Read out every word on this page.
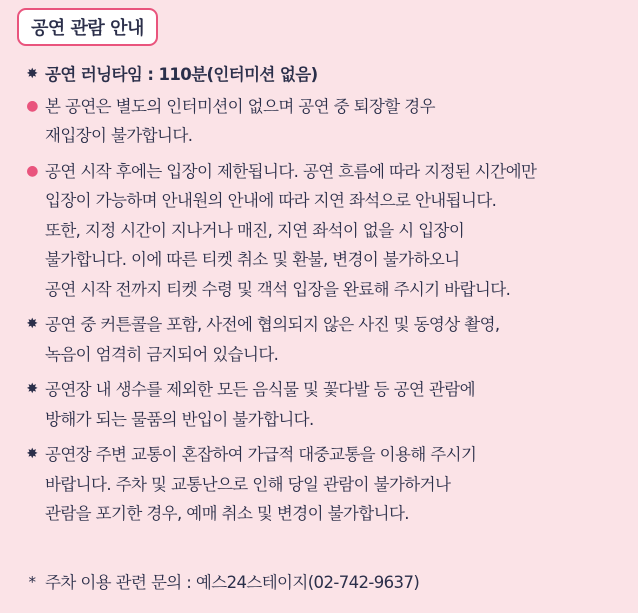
공연 관람 안내
✸ 공연 러닝타임 : 110분(인터미션 없음)
● 본 공연은 별도의 인터미션이 없으며 공연 중 퇴장할 경우
재입장이 불가합니다.
● 공연 시작 후에는 입장이 제한됩니다. 공연 흐름에 따라 지정된 시간에만
입장이 가능하며 안내원의 안내에 따라 지연 좌석으로 안내됩니다.
또한, 지정 시간이 지나거나 매진, 지연 좌석이 없을 시 입장이
불가합니다. 이에 따른 티켓 취소 및 환불, 변경이 불가하오니
공연 시작 전까지 티켓 수령 및 객석 입장을 완료해 주시기 바랍니다.
✸ 공연 중 커튼콜을 포함, 사전에 협의되지 않은 사진 및 동영상 촬영,
녹음이 엄격히 금지되어 있습니다.
✸ 공연장 내 생수를 제외한 모든 음식물 및 꽃다발 등 공연 관람에
방해가 되는 물품의 반입이 불가합니다.
✸ 공연장 주변 교통이 혼잡하여 가급적 대중교통을 이용해 주시기
바랍니다. 주차 및 교통난으로 인해 당일 관람이 불가하거나
관람을 포기한 경우, 예매 취소 및 변경이 불가합니다.
* 주차 이용 관련 문의 : 예스24스테이지(02-742-9637)
